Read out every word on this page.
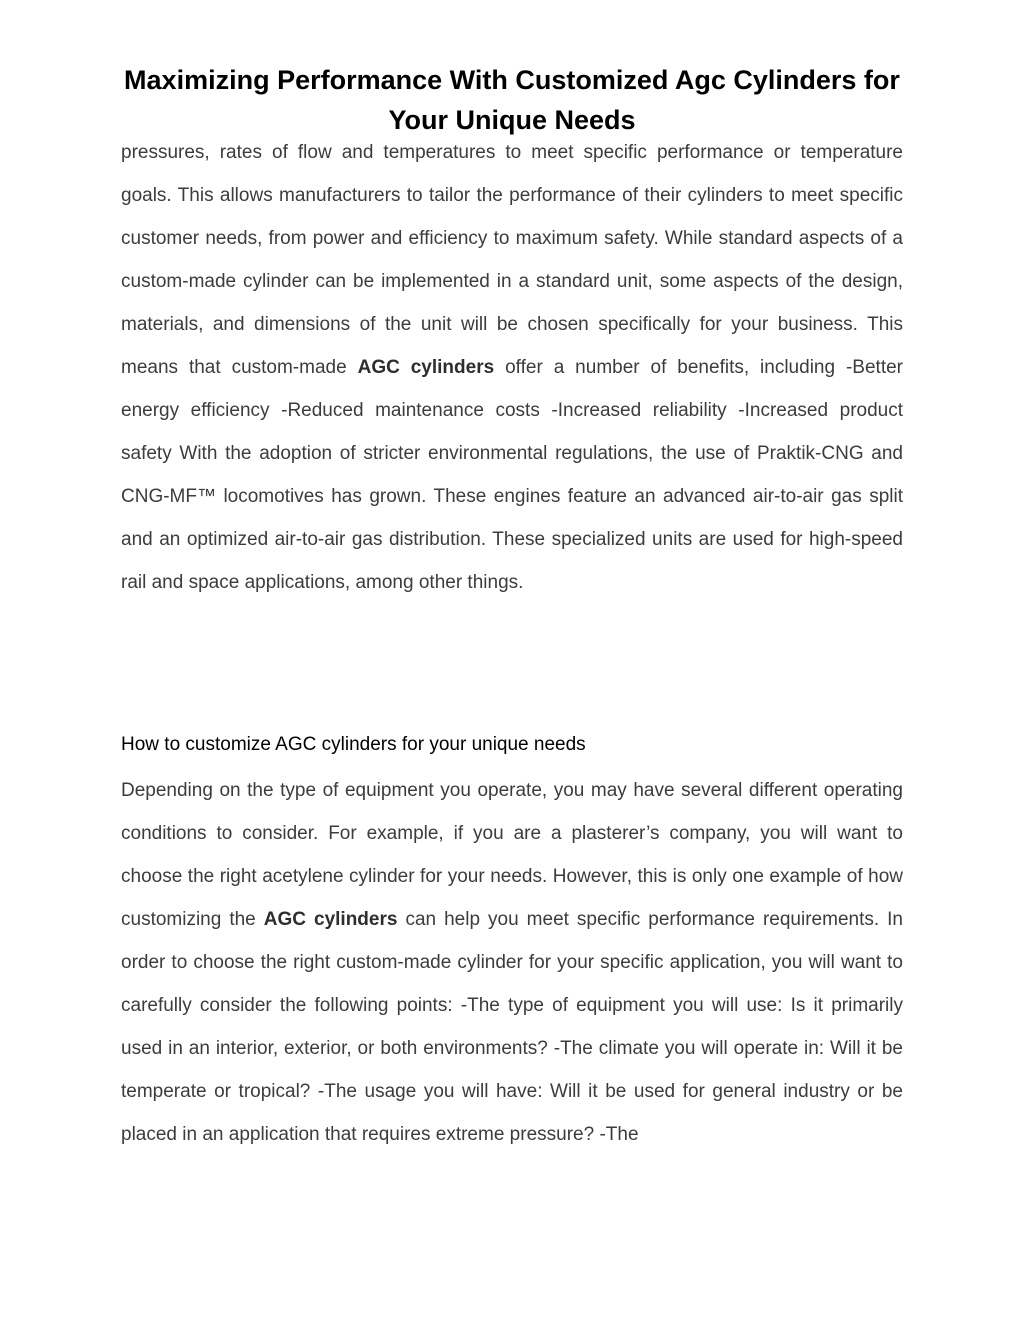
Maximizing Performance With Customized Agc Cylinders for Your Unique Needs

pressures, rates of flow and temperatures to meet specific performance or temperature goals. This allows manufacturers to tailor the performance of their cylinders to meet specific customer needs, from power and efficiency to maximum safety. While standard aspects of a custom-made cylinder can be implemented in a standard unit, some aspects of the design, materials, and dimensions of the unit will be chosen specifically for your business. This means that custom-made AGC cylinders offer a number of benefits, including -Better energy efficiency -Reduced maintenance costs -Increased reliability -Increased product safety With the adoption of stricter environmental regulations, the use of Praktik-CNG and CNG-MF™ locomotives has grown. These engines feature an advanced air-to-air gas split and an optimized air-to-air gas distribution. These specialized units are used for high-speed rail and space applications, among other things.

How to customize AGC cylinders for your unique needs

Depending on the type of equipment you operate, you may have several different operating conditions to consider. For example, if you are a plasterer’s company, you will want to choose the right acetylene cylinder for your needs. However, this is only one example of how customizing the AGC cylinders can help you meet specific performance requirements. In order to choose the right custom-made cylinder for your specific application, you will want to carefully consider the following points: -The type of equipment you will use: Is it primarily used in an interior, exterior, or both environments? -The climate you will operate in: Will it be temperate or tropical? -The usage you will have: Will it be used for general industry or be placed in an application that requires extreme pressure? -The
